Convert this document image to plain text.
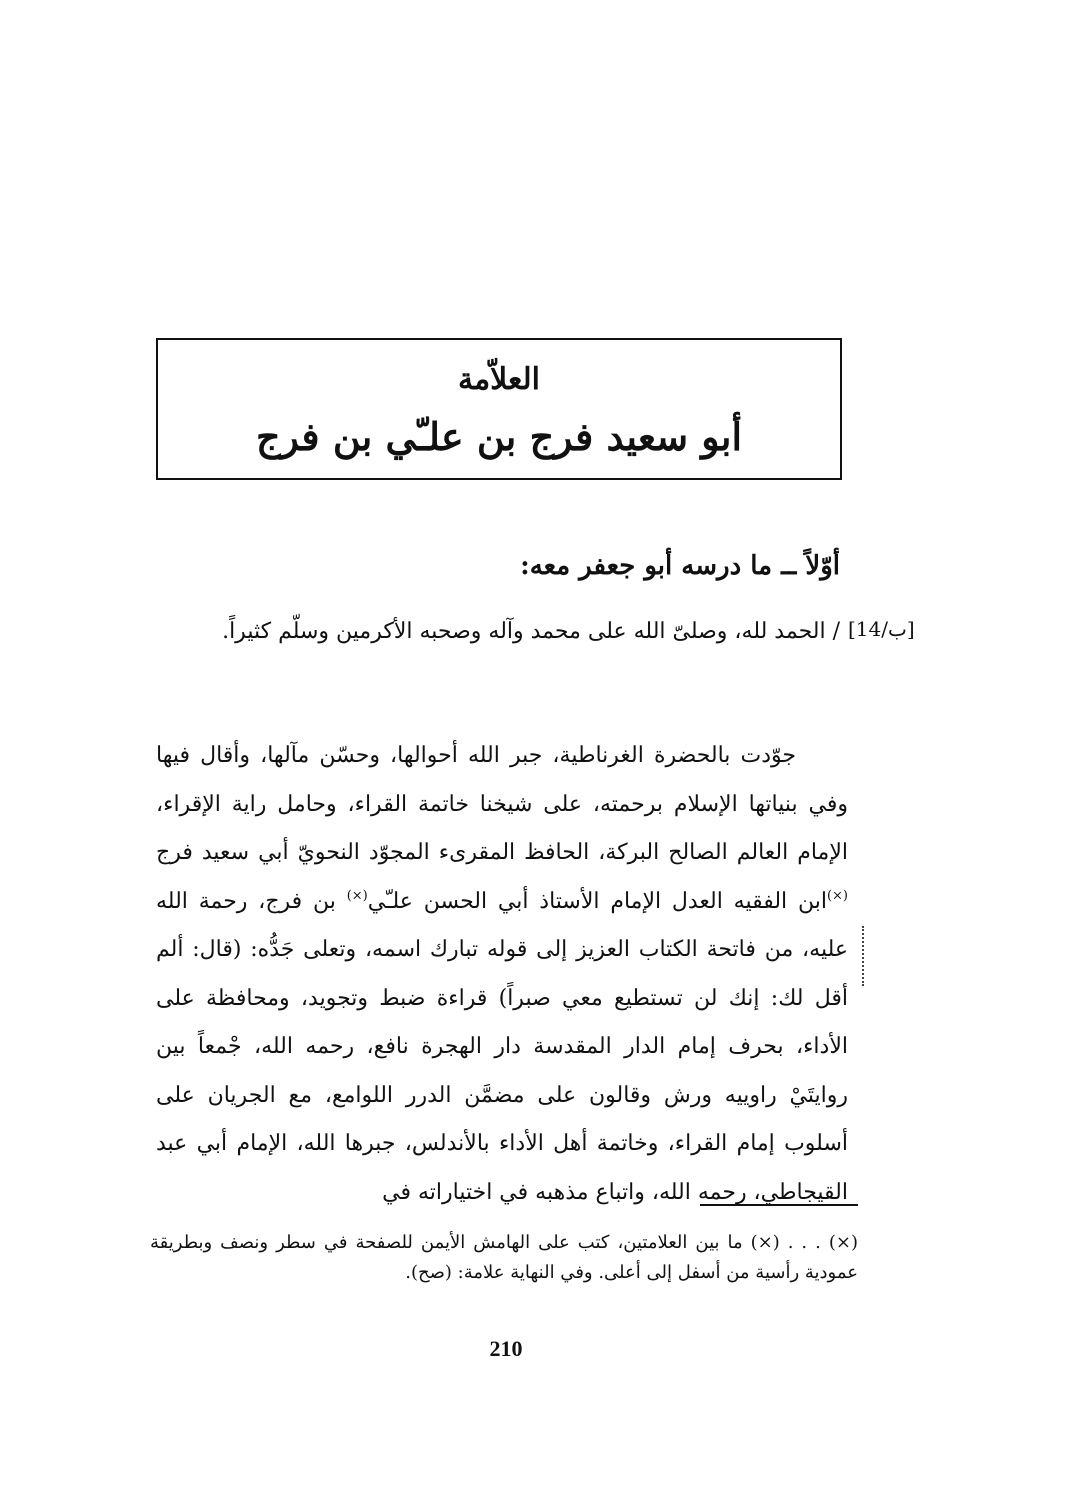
العلاّمة
أبو سعيد فرج بن علـّي بن فرج
أوّلاً ــ ما درسه أبو جعفر معه:
[14/ب]
/ الحمد لله، وصلىّ الله على محمد وآله وصحبه الأكرمين وسلّم كثيراً.
جوّدت بالحضرة الغرناطية، جبر الله أحوالها، وحسّن مآلها، وأقال فيها وفي بنياتها الإسلام برحمته، على شيخنا خاتمة القراء، وحامل راية الإقراء، الإمام العالم الصالح البركة، الحافظ المقرىء المجوّد النحويّ أبي سعيد فرج (×)ابن الفقيه العدل الإمام الأستاذ أبي الحسن علـّي(×) بن فرج، رحمة الله عليه، من فاتحة الكتاب العزيز إلى قوله تبارك اسمه، وتعلى جَدُّه: (قال: ألم أقل لك: إنك لن تستطيع معي صبراً) قراءة ضبط وتجويد، ومحافظة على الأداء، بحرف إمام الدار المقدسة دار الهجرة نافع، رحمه الله، جْمعاً بين روايتَيْ راوييه ورش وقالون على مضمَّن الدرر اللوامع، مع الجريان على أسلوب إمام القراء، وخاتمة أهل الأداء بالأندلس، جبرها الله، الإمام أبي عبد القيجاطي، رحمه الله، واتباع مذهبه في اختياراته في
(×) . . . (×) ما بين العلامتين، كتب على الهامش الأيمن للصفحة في سطر ونصف وبطريقة عمودية رأسية من أسفل إلى أعلى. وفي النهاية علامة: (صح).
210
